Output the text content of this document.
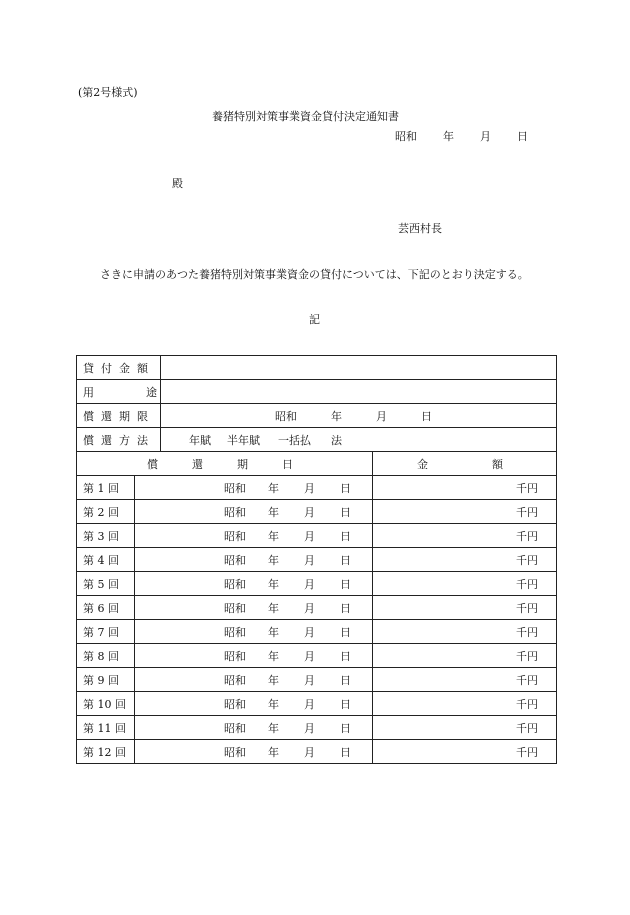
(第2号様式)
養猪特別対策事業資金貸付決定通知書
昭和 年 月 日
殿
芸西村長
さきに申請のあつた養猪特別対策事業資金の貸付については、下記のとおり決定する。
記
貸 付 金 額			
用 途			
償 還 期 限		昭和 年 月 日	
償 還 方 法		年賦 半年賦 一括払 法	
償 還 期 日			金 額
第 1 回	昭和 年 月 日		千円
第 2 回	昭和 年 月 日		千円
第 3 回	昭和 年 月 日		千円
第 4 回	昭和 年 月 日		千円
第 5 回	昭和 年 月 日		千円
第 6 回	昭和 年 月 日		千円
第 7 回	昭和 年 月 日		千円
第 8 回	昭和 年 月 日		千円
第 9 回	昭和 年 月 日		千円
第 10 回	昭和 年 月 日		千円
第 11 回	昭和 年 月 日		千円
第 12 回	昭和 年 月 日		千円
